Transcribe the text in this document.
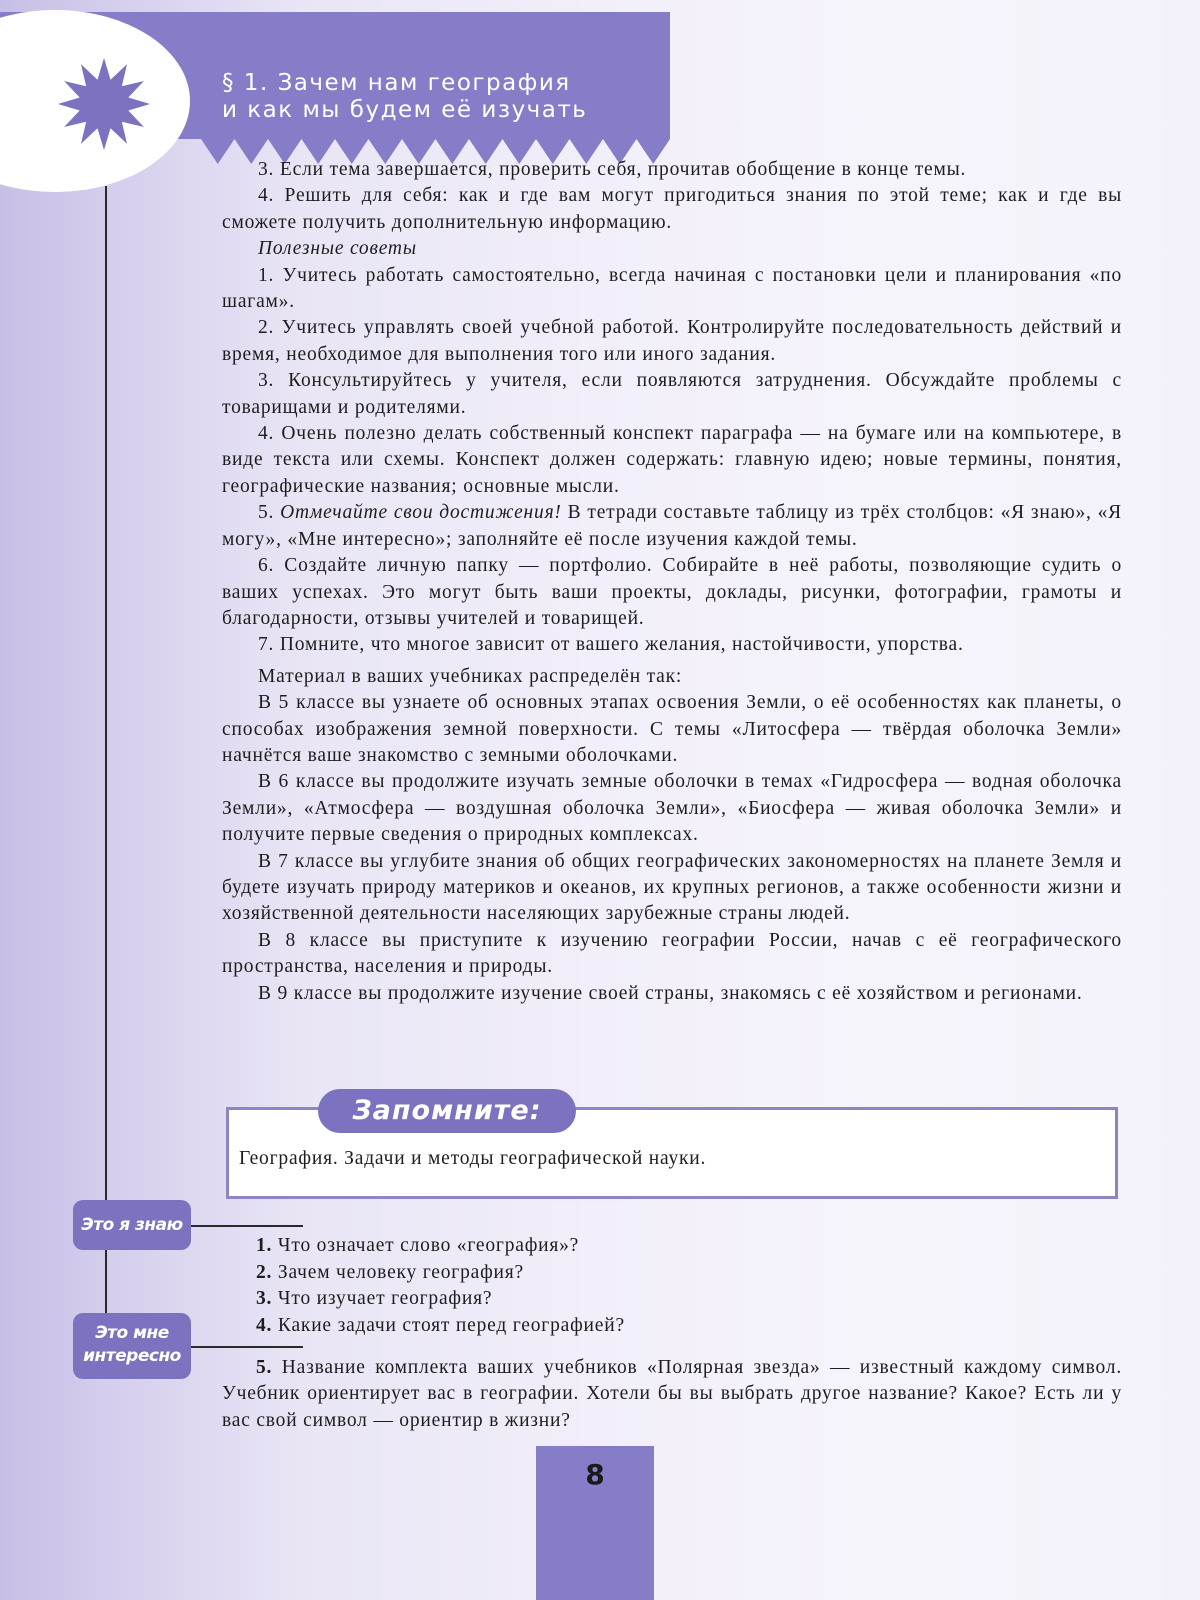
§ 1. Зачем нам география
и как мы будем её изучать

3. Если тема завершается, проверить себя, прочитав обобщение в конце темы.

4. Решить для себя: как и где вам могут пригодиться знания по этой теме; как и где вы сможете получить дополнительную информацию.

Полезные советы

1. Учитесь работать самостоятельно, всегда начиная с постановки цели и планирования «по шагам».

2. Учитесь управлять своей учебной работой. Контролируйте последовательность действий и время, необходимое для выполнения того или иного задания.

3. Консультируйтесь у учителя, если появляются затруднения. Обсуждайте проблемы с товарищами и родителями.

4. Очень полезно делать собственный конспект параграфа — на бумаге или на компьютере, в виде текста или схемы. Конспект должен содержать: главную идею; новые термины, понятия, географические названия; основные мысли.

5. Отмечайте свои достижения! В тетради составьте таблицу из трёх столбцов: «Я знаю», «Я могу», «Мне интересно»; заполняйте её после изучения каждой темы.

6. Создайте личную папку — портфолио. Собирайте в неё работы, позволяющие судить о ваших успехах. Это могут быть ваши проекты, доклады, рисунки, фотографии, грамоты и благодарности, отзывы учителей и товарищей.

7. Помните, что многое зависит от вашего желания, настойчивости, упорства.

Материал в ваших учебниках распределён так:

В 5 классе вы узнаете об основных этапах освоения Земли, о её особенностях как планеты, о способах изображения земной поверхности. С темы «Литосфера — твёрдая оболочка Земли» начнётся ваше знакомство с земными оболочками.

В 6 классе вы продолжите изучать земные оболочки в темах «Гидросфера — водная оболочка Земли», «Атмосфера — воздушная оболочка Земли», «Биосфера — живая оболочка Земли» и получите первые сведения о природных комплексах.

В 7 классе вы углубите знания об общих географических закономерностях на планете Земля и будете изучать природу материков и океанов, их крупных регионов, а также особенности жизни и хозяйственной деятельности населяющих зарубежные страны людей.

В 8 классе вы приступите к изучению географии России, начав с её географического пространства, населения и природы.

В 9 классе вы продолжите изучение своей страны, знакомясь с её хозяйством и регионами.

География. Задачи и методы географической науки.
Запомните:
Это я знаю
Это мне
интересно
1. Что означает слово «география»?
2. Зачем человеку география?
3. Что изучает география?
4. Какие задачи стоят перед географией?

5. Название комплекта ваших учебников «Полярная звезда» — известный каждому символ. Учебник ориентирует вас в географии. Хотели бы вы выбрать другое название? Какое? Есть ли у вас свой символ — ориентир в жизни?

8
